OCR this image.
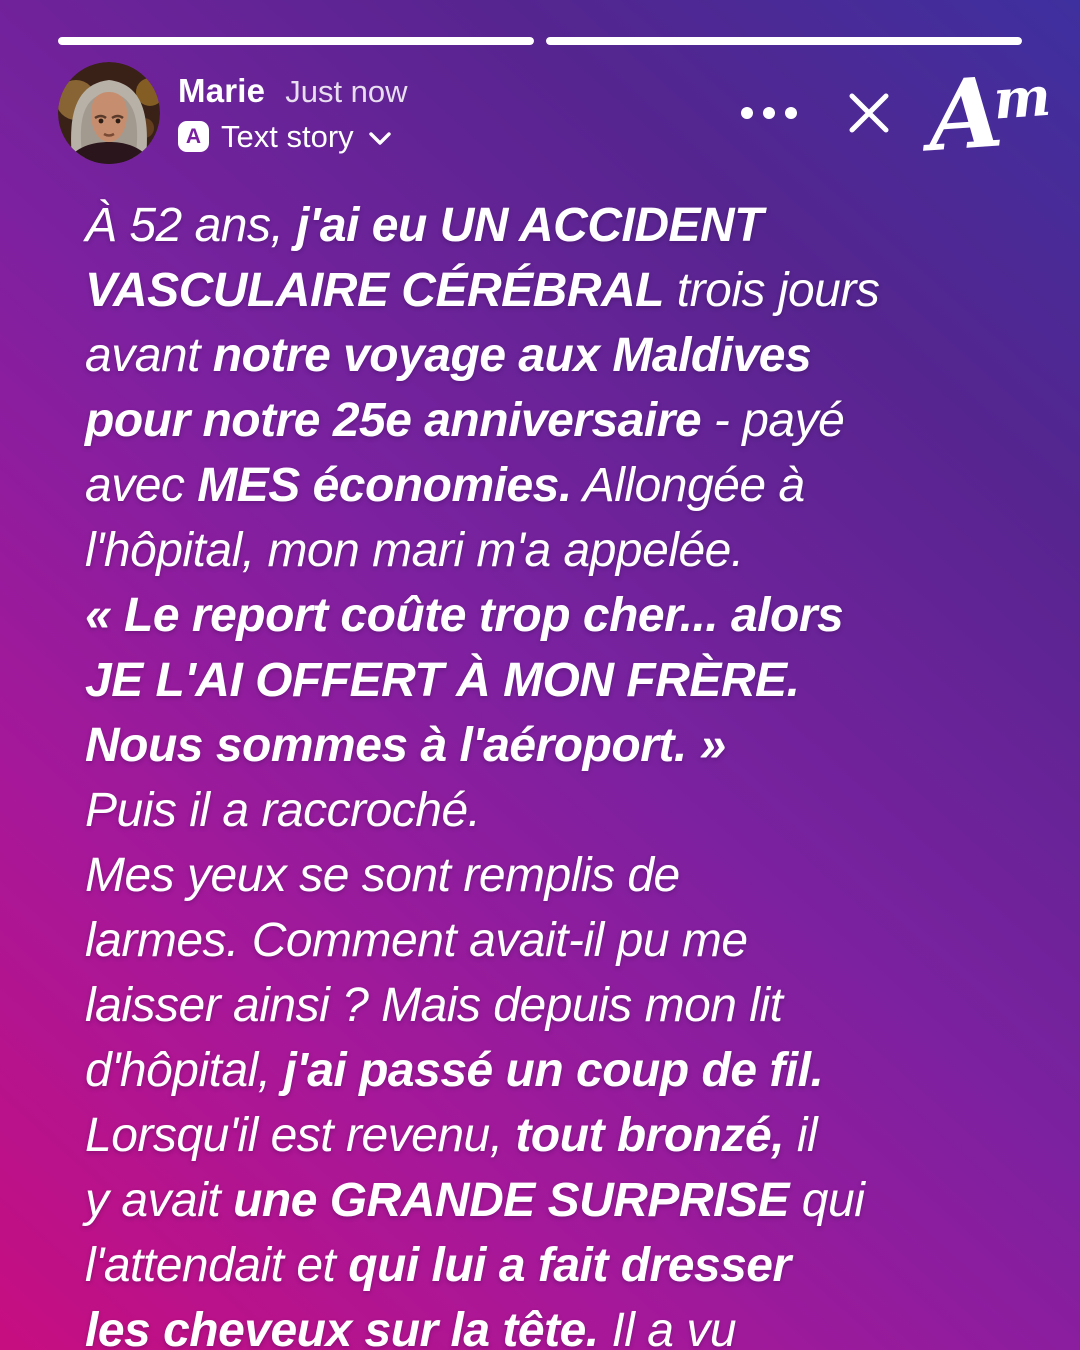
Marie Just now
A Text story	A
m
À 52 ans, j'ai eu UN ACCIDENT
VASCULAIRE CÉRÉBRAL trois jours
avant notre voyage aux Maldives
pour notre 25e anniversaire - payé
avec MES économies. Allongée à
l'hôpital, mon mari m'a appelée.
« Le report coûte trop cher... alors
JE L'AI OFFERT À MON FRÈRE.
Nous sommes à l'aéroport. »
Puis il a raccroché.
Mes yeux se sont remplis de
larmes. Comment avait-il pu me
laisser ainsi ? Mais depuis mon lit
d'hôpital, j'ai passé un coup de fil.
Lorsqu'il est revenu, tout bronzé, il
y avait une GRANDE SURPRISE qui
l'attendait et qui lui a fait dresser
les cheveux sur la tête. Il a vu
